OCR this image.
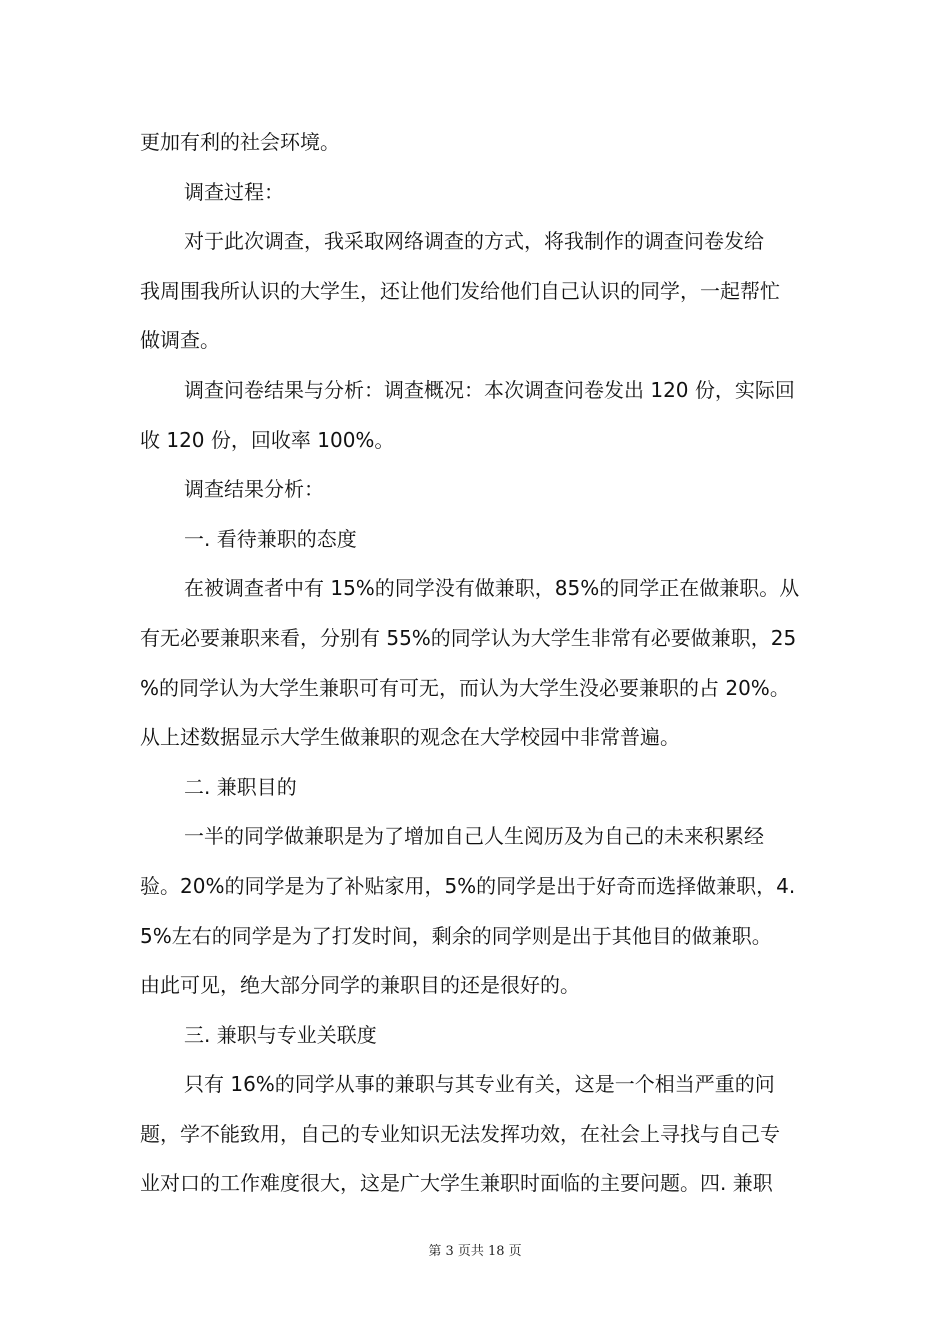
更加有利的社会环境。
调查过程：
对于此次调查，我采取网络调查的方式，将我制作的调查问卷发给
我周围我所认识的大学生，还让他们发给他们自己认识的同学，一起帮忙
做调查。
调查问卷结果与分析：调查概况：本次调查问卷发出 120 份，实际回
收 120 份，回收率 100%。
调查结果分析：
一. 看待兼职的态度
在被调查者中有 15%的同学没有做兼职，85%的同学正在做兼职。从
有无必要兼职来看，分别有 55%的同学认为大学生非常有必要做兼职，25
%的同学认为大学生兼职可有可无，而认为大学生没必要兼职的占 20%。
从上述数据显示大学生做兼职的观念在大学校园中非常普遍。
二. 兼职目的
一半的同学做兼职是为了增加自己人生阅历及为自己的未来积累经
验。20%的同学是为了补贴家用，5%的同学是出于好奇而选择做兼职，4.
5%左右的同学是为了打发时间，剩余的同学则是出于其他目的做兼职。
由此可见，绝大部分同学的兼职目的还是很好的。
三. 兼职与专业关联度
只有 16%的同学从事的兼职与其专业有关，这是一个相当严重的问
题，学不能致用，自己的专业知识无法发挥功效，在社会上寻找与自己专
业对口的工作难度很大，这是广大学生兼职时面临的主要问题。四. 兼职
第 3 页共 18 页
